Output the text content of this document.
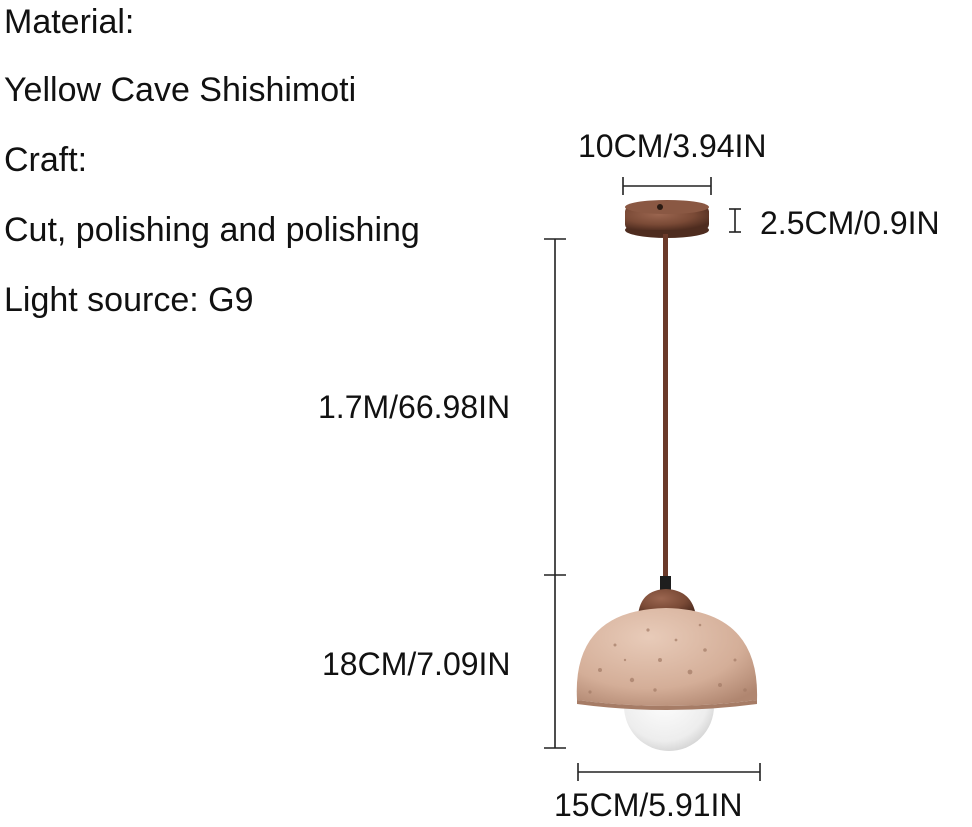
Material:
Yellow Cave Shishimoti
Craft:
Cut, polishing and polishing
Light source: G9
10CM/3.94IN
2.5CM/0.9IN
1.7M/66.98IN
18CM/7.09IN
15CM/5.91IN
